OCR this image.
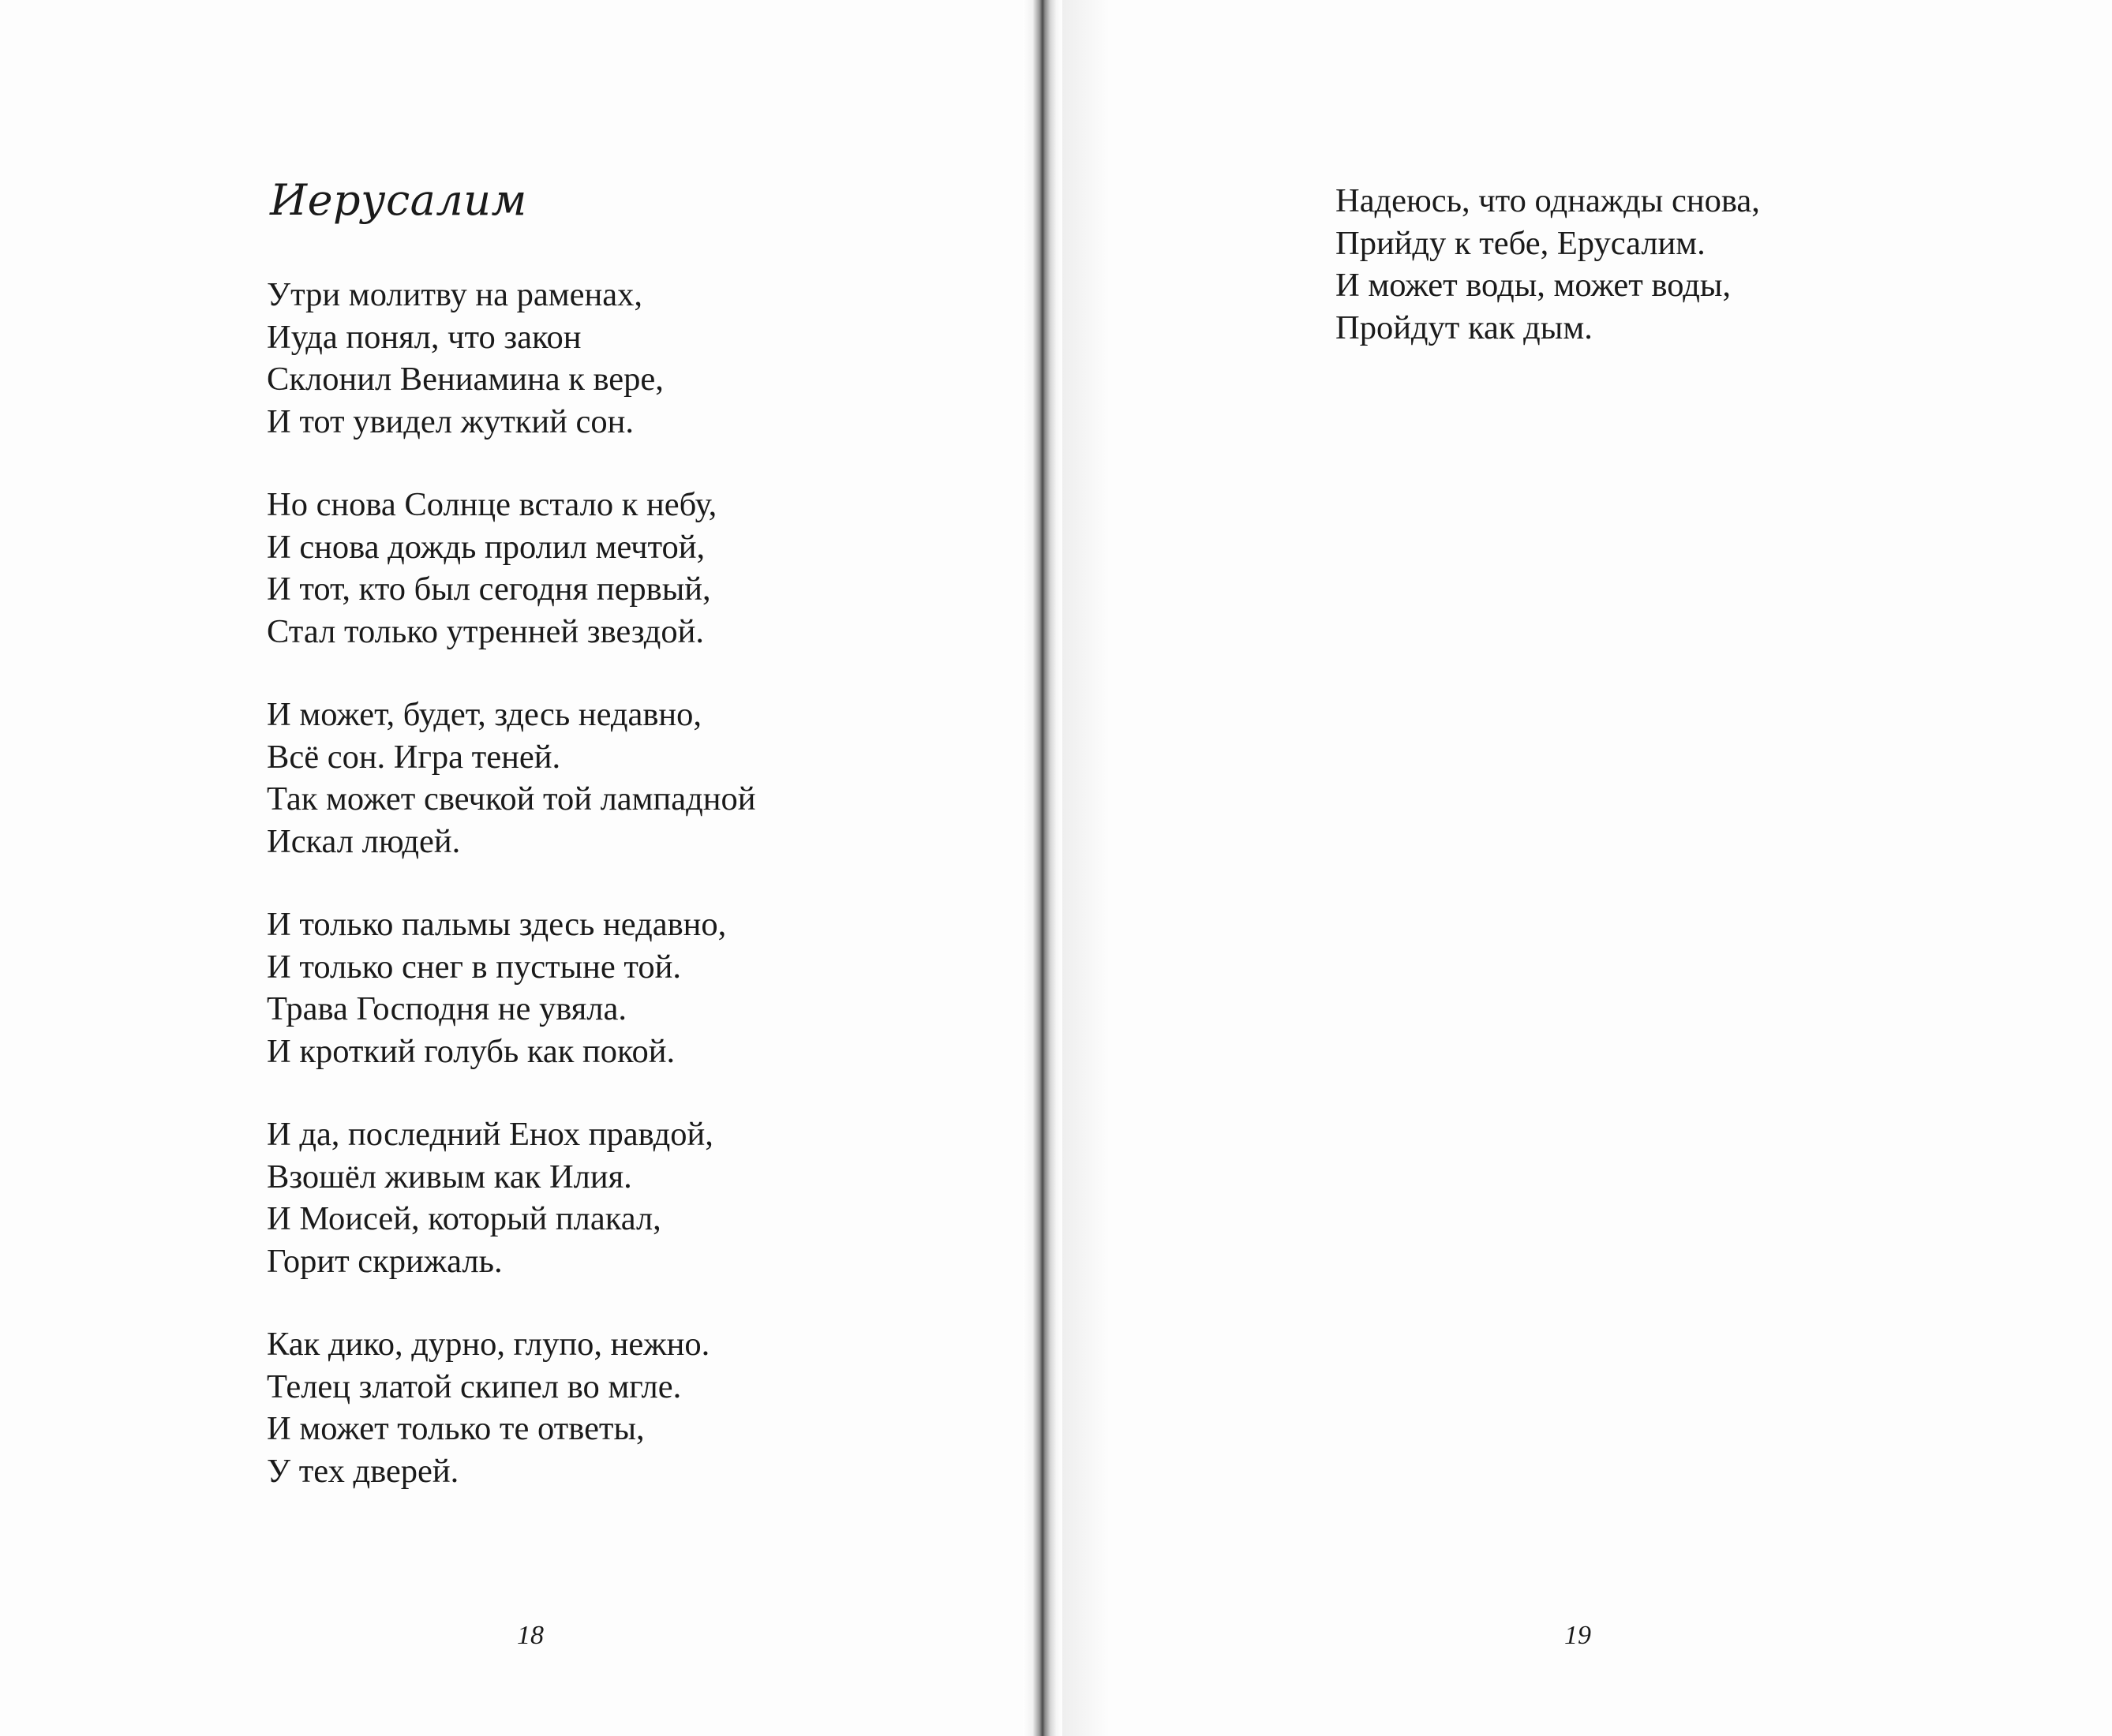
Иерусалим
Утри молитву на раменах,
Иуда понял, что закон
Склонил Вениамина к вере,
И тот увидел жуткий сон.
Но снова Солнце встало к небу,
И снова дождь пролил мечтой,
И тот, кто был сегодня первый,
Стал только утренней звездой.
И может, будет, здесь недавно,
Всё сон. Игра теней.
Так может свечкой той лампадной
Искал людей.
И только пальмы здесь недавно,
И только снег в пустыне той.
Трава Господня не увяла.
И кроткий голубь как покой.
И да, последний Енох правдой,
Взошёл живым как Илия.
И Моисей, который плакал,
Горит скрижаль.
Как дико, дурно, глупо, нежно.
Телец златой скипел во мгле.
И может только те ответы,
У тех дверей.
18
Надеюсь, что однажды снова,
Прийду к тебе, Ерусалим.
И может воды, может воды,
Пройдут как дым.
19
